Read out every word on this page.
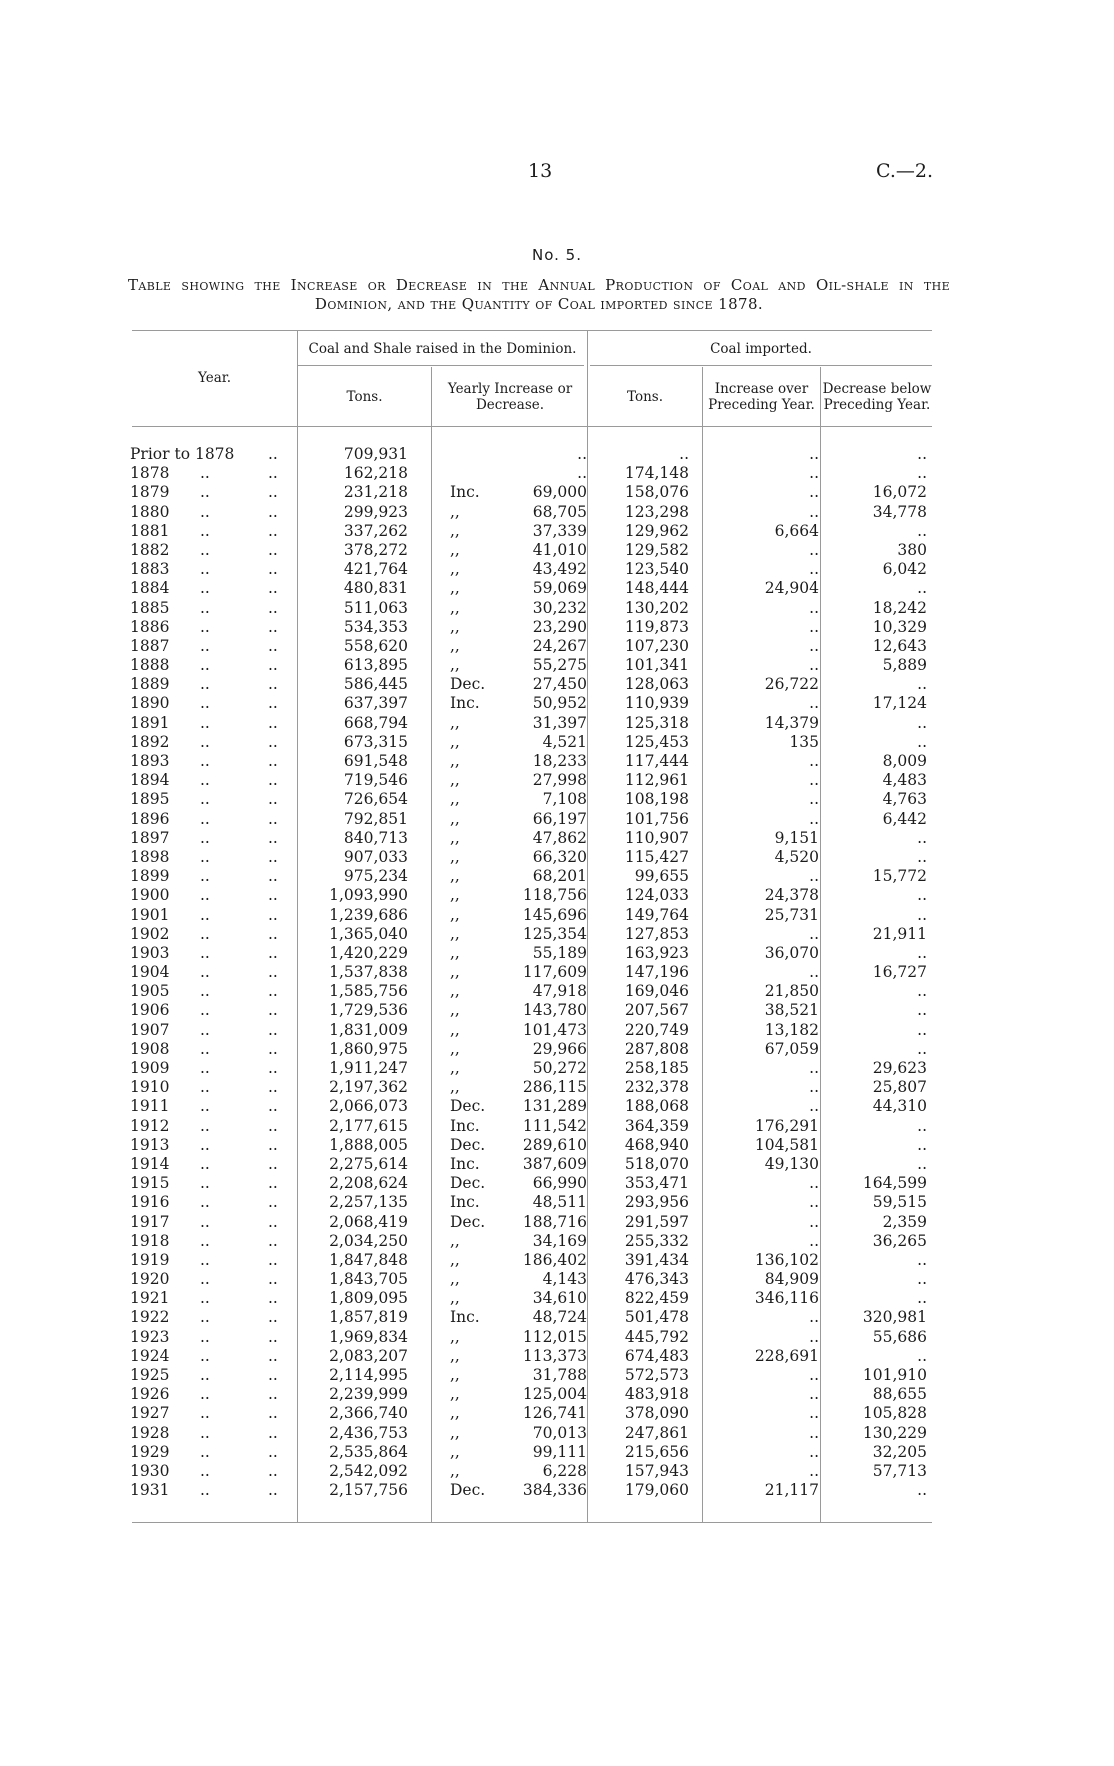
13	C.—2.
No. 5.
Table showing the Increase or Decrease in the Annual Production of Coal and Oil-shale in the Dominion, and the Quantity of Coal imported since 1878.
Year.
Coal and Shale raised in the Dominion.
Tons.	Yearly Increase or Decrease.
Coal imported.
Tons.	Increase over Preceding Year.
Decrease below Preceding Year.
Prior to 1878 ..	709,931	..	..	..	..
1878 ..	..	162,218	..	174,148	..	..
1879 ..	..	231,218	Inc.	69,000	158,076	..	16,072
1880 ..	..	299,923	,,	68,705	123,298	..	34,778
1881 ..	..	337,262	,,	37,339	129,962	6,664	..
1882 ..	..	378,272	,,	41,010	129,582	..	380
1883 ..	..	421,764	,,	43,492	123,540	..	6,042
1884 ..	..	480,831	,,	59,069	148,444	24,904	..
1885 ..	..	511,063	,,	30,232	130,202	..	18,242
1886 ..	..	534,353	,,	23,290	119,873	..	10,329
1887 ..	..	558,620	,,	24,267	107,230	..	12,643
1888 ..	..	613,895	,,	55,275	101,341	..	5,889
1889 ..	..	586,445	Dec.	27,450	128,063	26,722	..
1890 ..	..	637,397	Inc.	50,952	110,939	..	17,124
1891 ..	..	668,794	,,	31,397	125,318	14,379	..
1892 ..	..	673,315	,,	4,521	125,453	135	..
1893 ..	..	691,548	,,	18,233	117,444	..	8,009
1894 ..	..	719,546	,,	27,998	112,961	..	4,483
1895 ..	..	726,654	,,	7,108	108,198	..	4,763
1896 ..	..	792,851	,,	66,197	101,756	..	6,442
1897 ..	..	840,713	,,	47,862	110,907	9,151	..
1898 ..	..	907,033	,,	66,320	115,427	4,520	..
1899 ..	..	975,234	,,	68,201	99,655	..	15,772
1900 ..	..	1,093,990	,,	118,756	124,033	24,378	..
1901 ..	..	1,239,686	,,	145,696	149,764	25,731	..
1902 ..	..	1,365,040	,,	125,354	127,853	..	21,911
1903 ..	..	1,420,229	,,	55,189	163,923	36,070	..
1904 ..	..	1,537,838	,,	117,609	147,196	..	16,727
1905 ..	..	1,585,756	,,	47,918	169,046	21,850	..
1906 ..	..	1,729,536	,,	143,780	207,567	38,521	..
1907 ..	..	1,831,009	,,	101,473	220,749	13,182	..
1908 ..	..	1,860,975	,,	29,966	287,808	67,059	..
1909 ..	..	1,911,247	,,	50,272	258,185	..	29,623
1910 ..	..	2,197,362	,,	286,115	232,378	..	25,807
1911 ..	..	2,066,073	Dec.	131,289	188,068	..	44,310
1912 ..	..	2,177,615	Inc.	111,542	364,359	176,291	..
1913 ..	..	1,888,005	Dec.	289,610	468,940	104,581	..
1914 ..	..	2,275,614	Inc.	387,609	518,070	49,130	..
1915 ..	..	2,208,624	Dec.	66,990	353,471	..	164,599
1916 ..	..	2,257,135	Inc.	48,511	293,956	..	59,515
1917 ..	..	2,068,419	Dec.	188,716	291,597	..	2,359
1918 ..	..	2,034,250	,,	34,169	255,332	..	36,265
1919 ..	..	1,847,848	,,	186,402	391,434	136,102	..
1920 ..	..	1,843,705	,,	4,143	476,343	84,909	..
1921 ..	..	1,809,095	,,	34,610	822,459	346,116	..
1922 ..	..	1,857,819	Inc.	48,724	501,478	..	320,981
1923 ..	..	1,969,834	,,	112,015	445,792	..	55,686
1924 ..	..	2,083,207	,,	113,373	674,483	228,691	..
1925 ..	..	2,114,995	,,	31,788	572,573	..	101,910
1926 ..	..	2,239,999	,,	125,004	483,918	..	88,655
1927 ..	..	2,366,740	,,	126,741	378,090	..	105,828
1928 ..	..	2,436,753	,,	70,013	247,861	..	130,229
1929 ..	..	2,535,864	,,	99,111	215,656	..	32,205
1930 ..	..	2,542,092	,,	6,228	157,943	..	57,713
1931 ..	..	2,157,756	Dec.	384,336	179,060	21,117	..
